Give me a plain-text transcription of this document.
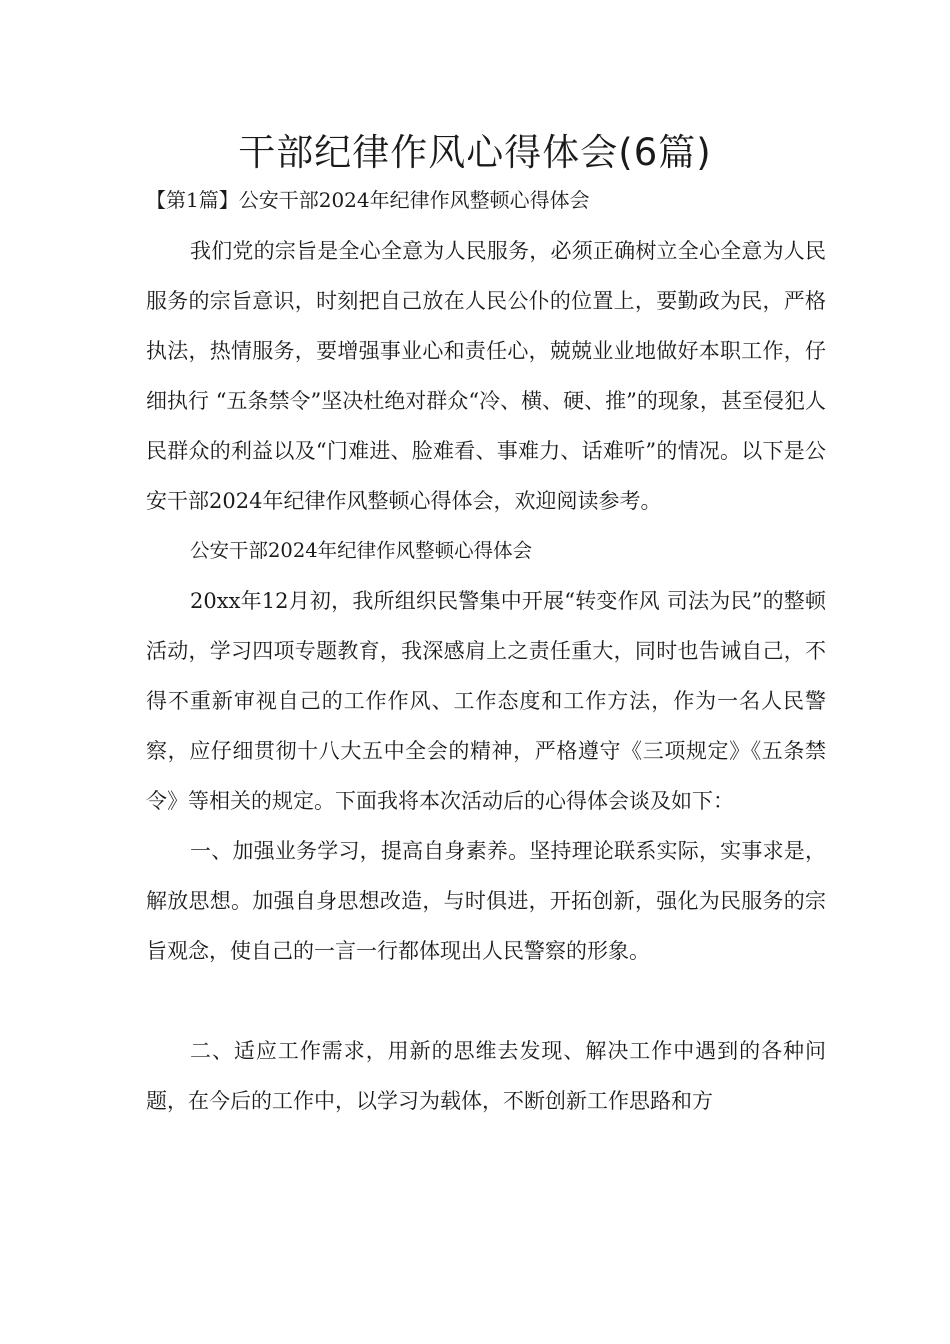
干部纪律作风心得体会(6篇)

【第1篇】公安干部2024年纪律作风整顿心得体会

我们党的宗旨是全心全意为人民服务，必须正确树立全心全意为人民服务的宗旨意识，时刻把自己放在人民公仆的位置上，要勤政为民，严格执法，热情服务，要增强事业心和责任心，兢兢业业地做好本职工作，仔细执行 “五条禁令”坚决杜绝对群众“冷、横、硬、推”的现象，甚至侵犯人民群众的利益以及“门难进、脸难看、事难力、话难听”的情况。以下是公安干部2024年纪律作风整顿心得体会，欢迎阅读参考。

公安干部2024年纪律作风整顿心得体会

20xx年12月初，我所组织民警集中开展“转变作风 司法为民”的整顿活动，学习四项专题教育，我深感肩上之责任重大，同时也告诫自己，不得不重新审视自己的工作作风、工作态度和工作方法，作为一名人民警察，应仔细贯彻十八大五中全会的精神，严格遵守《三项规定》《五条禁令》等相关的规定。下面我将本次活动后的心得体会谈及如下：

一、加强业务学习，提高自身素养。坚持理论联系实际，实事求是，解放思想。加强自身思想改造，与时俱进，开拓创新，强化为民服务的宗旨观念，使自己的一言一行都体现出人民警察的形象。

二、适应工作需求，用新的思维去发现、解决工作中遇到的各种问题，在今后的工作中，以学习为载体，不断创新工作思路和方
